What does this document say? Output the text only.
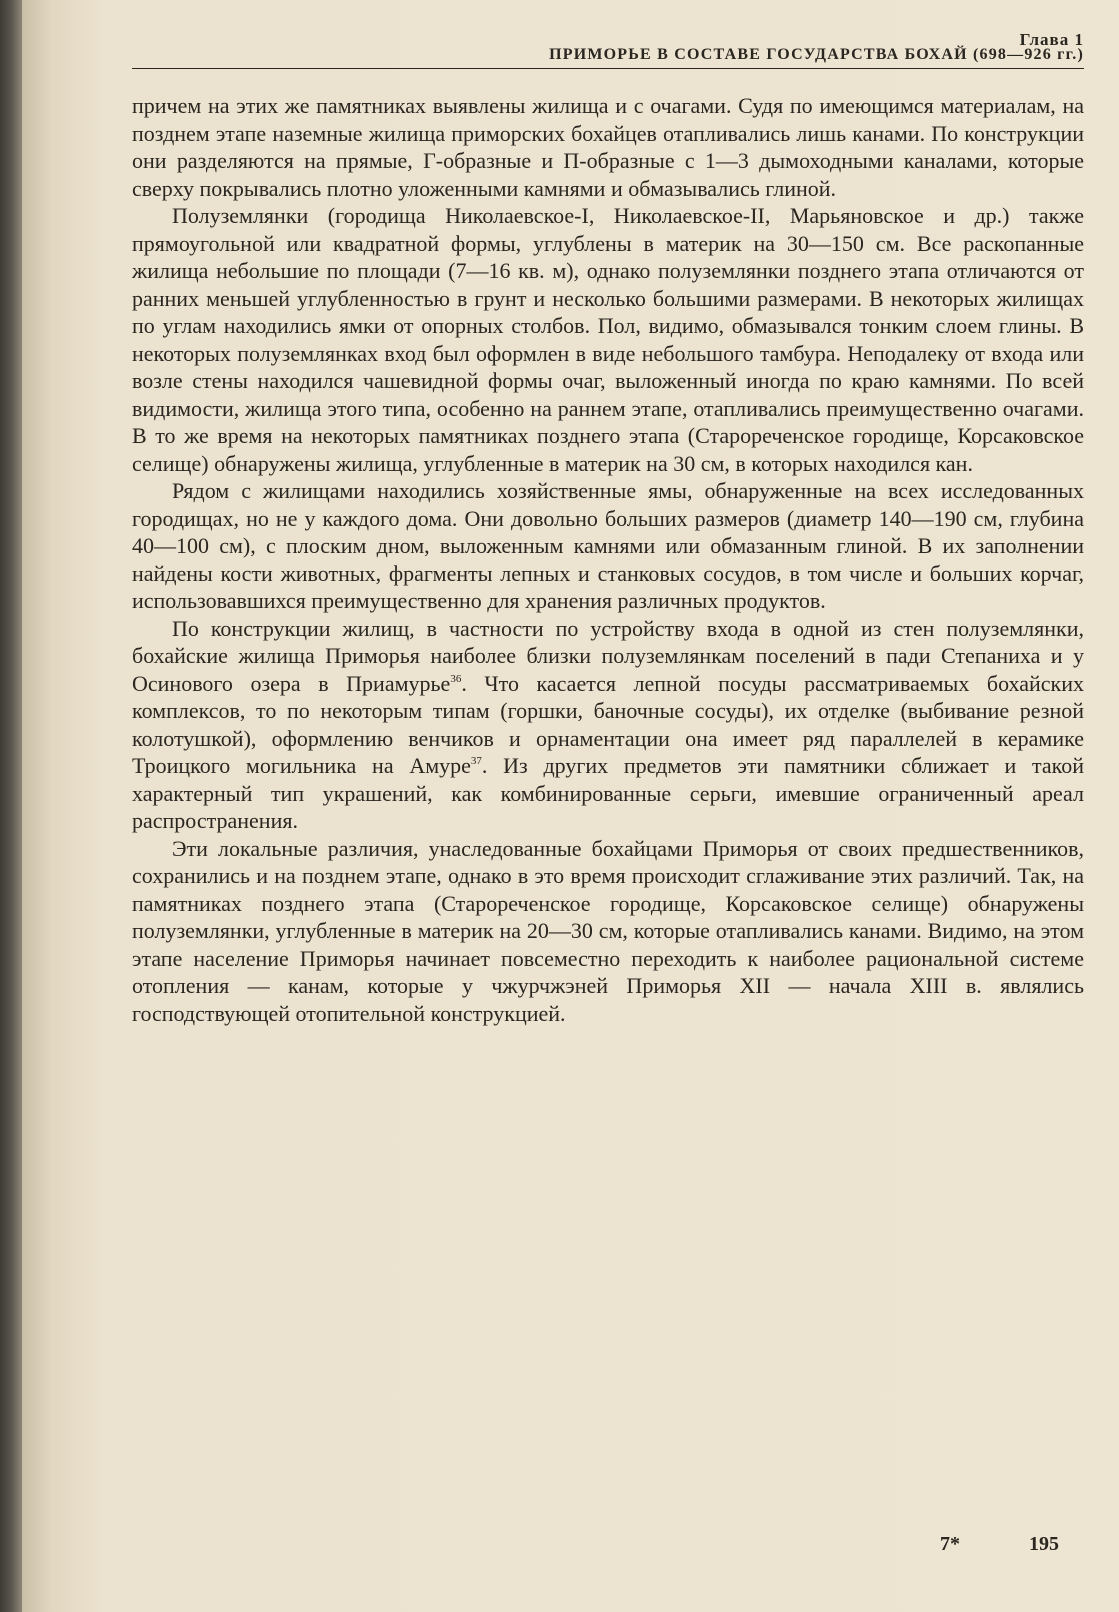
Глава 1
ПРИМОРЬЕ В СОСТАВЕ ГОСУДАРСТВА БОХАЙ (698—926 гг.)

причем на этих же памятниках выявлены жилища и с очагами. Судя по имеющимся материалам, на позднем этапе наземные жилища приморских бохайцев отапливались лишь канами. По конструкции они разделяются на прямые, Г-образные и П-образные с 1—3 дымоходными каналами, которые сверху покрывались плотно уложенными камнями и обмазывались глиной.

Полуземлянки (городища Николаевское-I, Николаевское-II, Марьяновское и др.) также прямоугольной или квадратной формы, углублены в материк на 30—150 см. Все раскопанные жилища небольшие по площади (7—16 кв. м), однако полуземлянки позднего этапа отличаются от ранних меньшей углубленностью в грунт и несколько большими размерами. В некоторых жилищах по углам находились ямки от опорных столбов. Пол, видимо, обмазывался тонким слоем глины. В некоторых полуземлянках вход был оформлен в виде небольшого тамбура. Неподалеку от входа или возле стены находился чашевидной формы очаг, выложенный иногда по краю камнями. По всей видимости, жилища этого типа, особенно на раннем этапе, отапливались преимущественно очагами. В то же время на некоторых памятниках позднего этапа (Старореченское городище, Корсаковское селище) обнаружены жилища, углубленные в материк на 30 см, в которых находился кан.

Рядом с жилищами находились хозяйственные ямы, обнаруженные на всех исследованных городищах, но не у каждого дома. Они довольно больших размеров (диаметр 140—190 см, глубина 40—100 см), с плоским дном, выложенным камнями или обмазанным глиной. В их заполнении найдены кости животных, фрагменты лепных и станковых сосудов, в том числе и больших корчаг, использовавшихся преимущественно для хранения различных продуктов.

По конструкции жилищ, в частности по устройству входа в одной из стен полуземлянки, бохайские жилища Приморья наиболее близки полуземлянкам поселений в пади Степаниха и у Осинового озера в Приамурье$^{36}$. Что касается лепной посуды рассматриваемых бохайских комплексов, то по некоторым типам (горшки, баночные сосуды), их отделке (выбивание резной колотушкой), оформлению венчиков и орнаментации она имеет ряд параллелей в керамике Троицкого могильника на Амуре$^{37}$. Из других предметов эти памятники сближает и такой характерный тип украшений, как комбинированные серьги, имевшие ограниченный ареал распространения.

Эти локальные различия, унаследованные бохайцами Приморья от своих предшественников, сохранились и на позднем этапе, однако в это время происходит сглаживание этих различий. Так, на памятниках позднего этапа (Старореченское городище, Корсаковское селище) обнаружены полуземлянки, углубленные в материк на 20—30 см, которые отапливались канами. Видимо, на этом этапе население Приморья начинает повсеместно переходить к наиболее рациональной системе отопления — канам, которые у чжурчжэней Приморья XII — начала XIII в. являлись господствующей отопительной конструкцией.

7*	195
